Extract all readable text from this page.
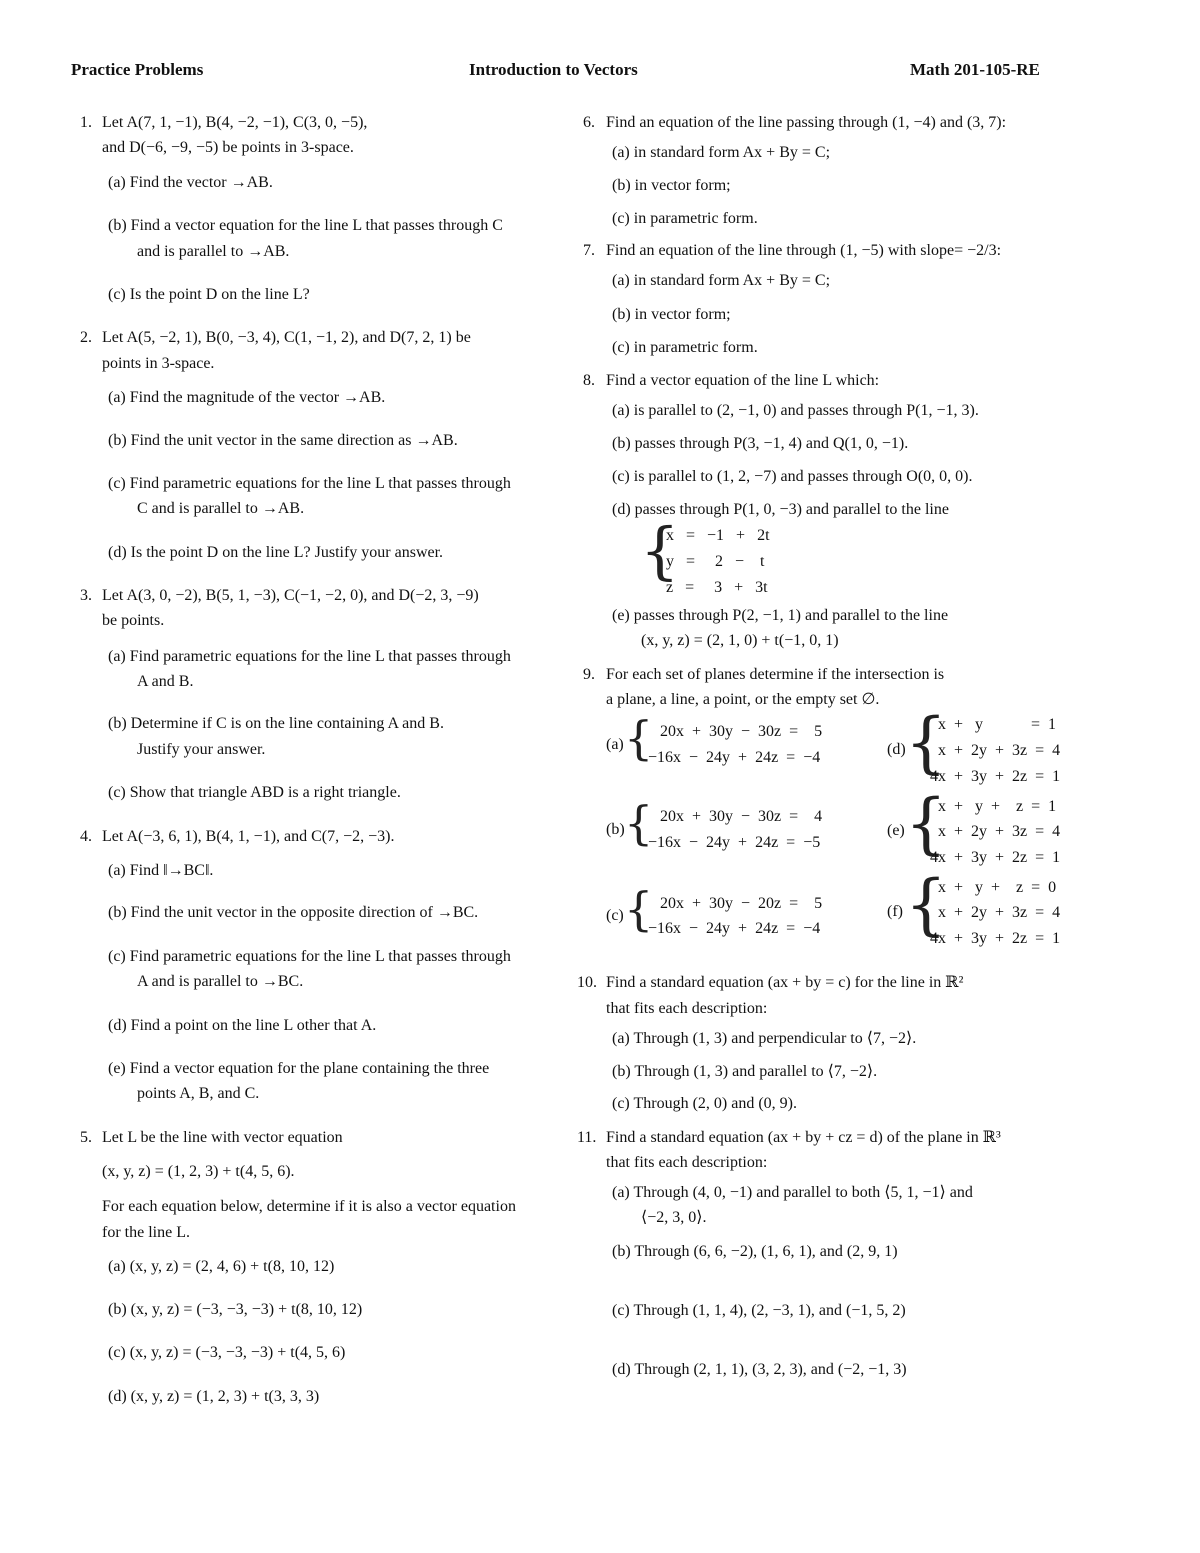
Practice Problems	Introduction to Vectors	Math 201-105-RE
1. Let A(7, 1, −1), B(4, −2, −1), C(3, 0, −5),
and D(−6, −9, −5) be points in 3-space.
(a) Find the vector →AB.
(b) Find a vector equation for the line L that passes through C
and is parallel to →AB.
(c) Is the point D on the line L?
2. Let A(5, −2, 1), B(0, −3, 4), C(1, −1, 2), and D(7, 2, 1) be
points in 3-space.
(a) Find the magnitude of the vector →AB.
(b) Find the unit vector in the same direction as →AB.
(c) Find parametric equations for the line L that passes through
C and is parallel to →AB.
(d) Is the point D on the line L? Justify your answer.
3. Let A(3, 0, −2), B(5, 1, −3), C(−1, −2, 0), and D(−2, 3, −9)
be points.
(a) Find parametric equations for the line L that passes through
A and B.
(b) Determine if C is on the line containing A and B.
Justify your answer.
(c) Show that triangle ABD is a right triangle.
4. Let A(−3, 6, 1), B(4, 1, −1), and C(7, −2, −3).
(a) Find ‖→BC‖.
(b) Find the unit vector in the opposite direction of →BC.
(c) Find parametric equations for the line L that passes through
A and is parallel to →BC.
(d) Find a point on the line L other that A.
(e) Find a vector equation for the plane containing the three
points A, B, and C.
5. Let L be the line with vector equation
(x, y, z) = (1, 2, 3) + t(4, 5, 6).
For each equation below, determine if it is also a vector equation
for the line L.
(a) (x, y, z) = (2, 4, 6) + t(8, 10, 12)
(b) (x, y, z) = (−3, −3, −3) + t(8, 10, 12)
(c) (x, y, z) = (−3, −3, −3) + t(4, 5, 6)
(d) (x, y, z) = (1, 2, 3) + t(3, 3, 3)
6. Find an equation of the line passing through (1, −4) and (3, 7):
(a) in standard form Ax + By = C;
(b) in vector form;
(c) in parametric form.
7. Find an equation of the line through (1, −5) with slope= −2/3:
(a) in standard form Ax + By = C;
(b) in vector form;
(c) in parametric form.
8. Find a vector equation of the line L which:
(a) is parallel to (2, −1, 0) and passes through P(1, −1, 3).
(b) passes through P(3, −1, 4) and Q(1, 0, −1).
(c) is parallel to (1, 2, −7) and passes through O(0, 0, 0).
(d) passes through P(1, 0, −3) and parallel to the line
{
x   =   −1   +   2t
y   =     2   −    t
z   =     3   +   3t
(e) passes through P(2, −1, 1) and parallel to the line
(x, y, z) = (2, 1, 0) + t(−1, 0, 1)
9. For each set of planes determine if the intersection is
a plane, a line, a point, or the empty set ∅.
(a) {
20x  +  30y  −  30z  =    5
−16x  −  24y  +  24z  =  −4
(b) {
20x  +  30y  −  30z  =    4
−16x  −  24y  +  24z  =  −5
(c) {
20x  +  30y  −  20z  =    5
−16x  −  24y  +  24z  =  −4
(d) {
x  +   y            =  1
x  +  2y  +  3z  =  4
4x  +  3y  +  2z  =  1
(e) {
x  +   y  +    z  =  1
x  +  2y  +  3z  =  4
4x  +  3y  +  2z  =  1
(f) {
x  +   y  +    z  =  0
x  +  2y  +  3z  =  4
4x  +  3y  +  2z  =  1
10. Find a standard equation (ax + by = c) for the line in ℝ²
that fits each description:
(a) Through (1, 3) and perpendicular to ⟨7, −2⟩.
(b) Through (1, 3) and parallel to ⟨7, −2⟩.
(c) Through (2, 0) and (0, 9).
11. Find a standard equation (ax + by + cz = d) of the plane in ℝ³
that fits each description:
(a) Through (4, 0, −1) and parallel to both ⟨5, 1, −1⟩ and
⟨−2, 3, 0⟩.
(b) Through (6, 6, −2), (1, 6, 1), and (2, 9, 1)
(c) Through (1, 1, 4), (2, −3, 1), and (−1, 5, 2)
(d) Through (2, 1, 1), (3, 2, 3), and (−2, −1, 3)
